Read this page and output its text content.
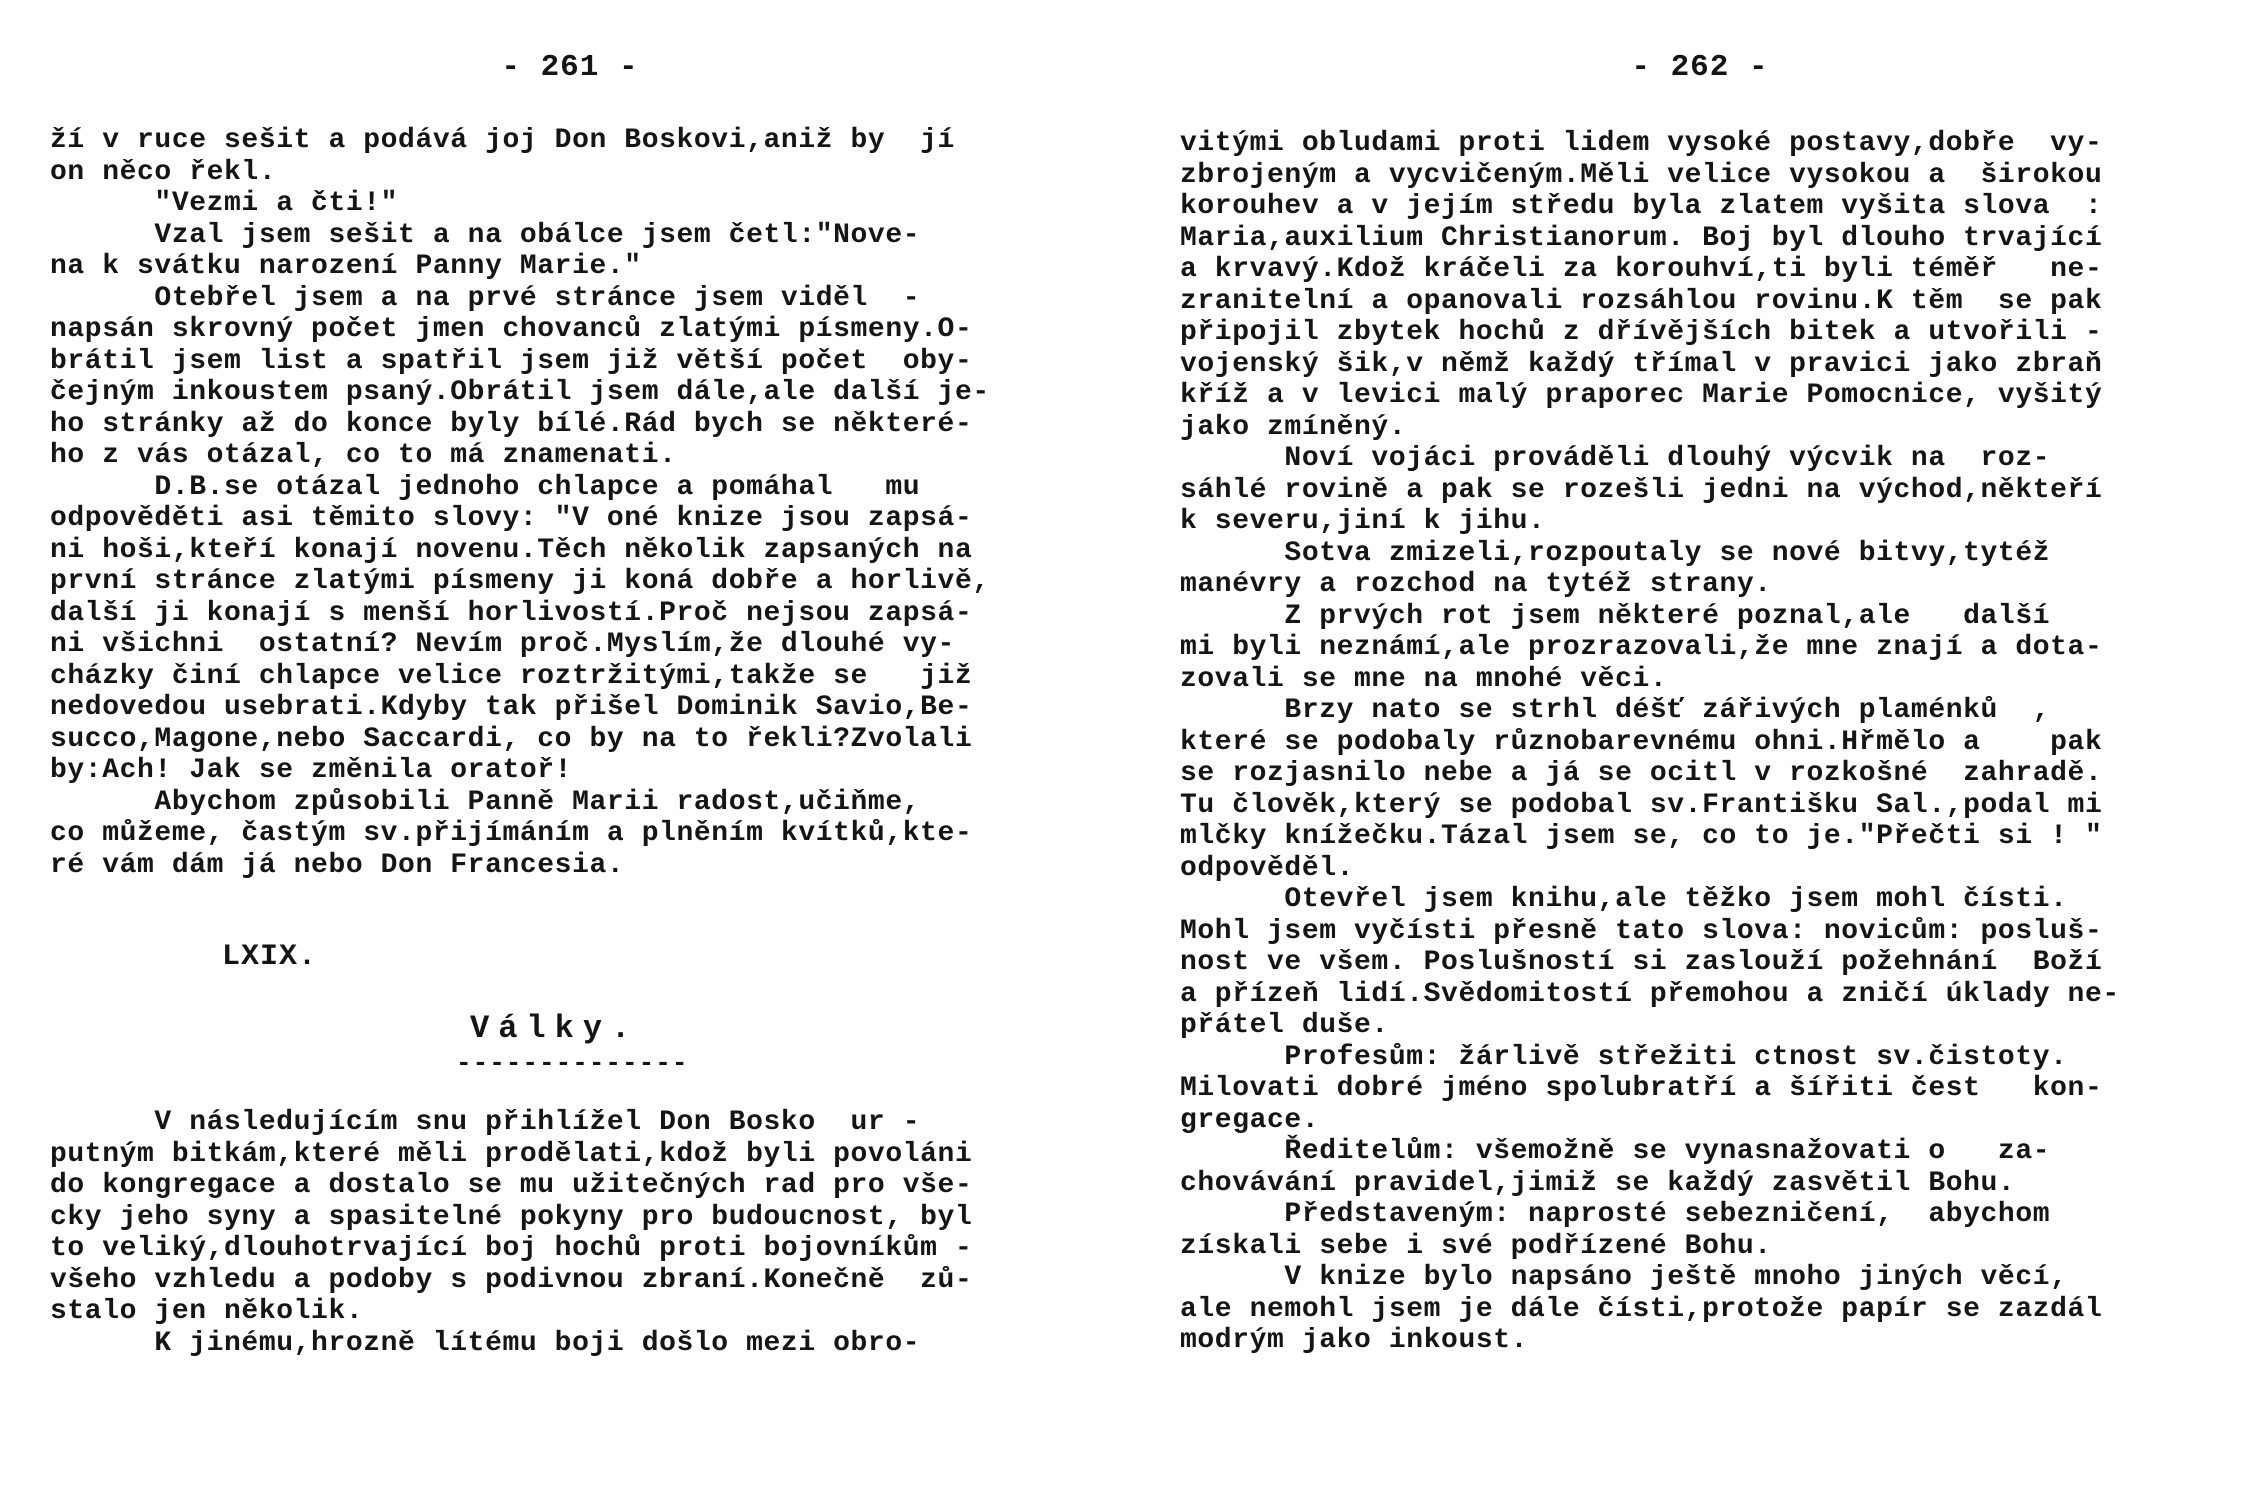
- 261 -
ží v ruce sešit a podává joj Don Boskovi,aniž by  jí
on něco řekl.
"Vezmi a čti!"
Vzal jsem sešit a na obálce jsem četl:"Nove-
na k svátku narození Panny Marie."
Otebřel jsem a na prvé stránce jsem viděl  -
napsán skrovný počet jmen chovanců zlatými písmeny.O-
brátil jsem list a spatřil jsem již větší počet  oby-
čejným inkoustem psaný.Obrátil jsem dále,ale další je-
ho stránky až do konce byly bílé.Rád bych se některé-
ho z vás otázal, co to má znamenati.
D.B.se otázal jednoho chlapce a pomáhal   mu
odpověděti asi těmito slovy: "V oné knize jsou zapsá-
ni hoši,kteří konají novenu.Těch několik zapsaných na
první stránce zlatými písmeny ji koná dobře a horlivě,
další ji konají s menší horlivostí.Proč nejsou zapsá-
ni všichni  ostatní? Nevím proč.Myslím,že dlouhé vy-
cházky činí chlapce velice roztržitými,takže se   již
nedovedou usebrati.Kdyby tak přišel Dominik Savio,Be-
succo,Magone,nebo Saccardi, co by na to řekli?Zvolali
by:Ach! Jak se změnila oratoř!
Abychom způsobili Panně Marii radost,učiňme,
co můžeme, častým sv.přijímáním a plněním kvítků,kte-
ré vám dám já nebo Don Francesia.
LXIX.
Války.
--------------
V následujícím snu přihlížel Don Bosko  ur -
putným bitkám,které měli prodělati,kdož byli povoláni
do kongregace a dostalo se mu užitečných rad pro vše-
cky jeho syny a spasitelné pokyny pro budoucnost, byl
to veliký,dlouhotrvající boj hochů proti bojovníkům -
všeho vzhledu a podoby s podivnou zbraní.Konečně  zů-
stalo jen několik.
K jinému,hrozně lítému boji došlo mezi obro-
- 262 -
vitými obludami proti lidem vysoké postavy,dobře  vy-
zbrojeným a vycvičeným.Měli velice vysokou a  širokou
korouhev a v jejím středu byla zlatem vyšita slova  :
Maria,auxilium Christianorum. Boj byl dlouho trvající
a krvavý.Kdož kráčeli za korouhví,ti byli téměř   ne-
zranitelní a opanovali rozsáhlou rovinu.K těm  se pak
připojil zbytek hochů z dřívějších bitek a utvořili -
vojenský šik,v němž každý třímal v pravici jako zbraň
kříž a v levici malý praporec Marie Pomocnice, vyšitý
jako zmíněný.
Noví vojáci prováděli dlouhý výcvik na  roz-
sáhlé rovině a pak se rozešli jedni na východ,někteří
k severu,jiní k jihu.
Sotva zmizeli,rozpoutaly se nové bitvy,tytéž
manévry a rozchod na tytéž strany.
Z prvých rot jsem některé poznal,ale   další
mi byli neznámí,ale prozrazovali,že mne znají a dota-
zovali se mne na mnohé věci.
Brzy nato se strhl déšť zářivých plaménků  ,
které se podobaly různobarevnému ohni.Hřmělo a    pak
se rozjasnilo nebe a já se ocitl v rozkošné  zahradě.
Tu člověk,který se podobal sv.Františku Sal.,podal mi
mlčky knížečku.Tázal jsem se, co to je."Přečti si ! "
odpověděl.
Otevřel jsem knihu,ale těžko jsem mohl čísti.
Mohl jsem vyčísti přesně tato slova: novicům: posluš-
nost ve všem. Poslušností si zaslouží požehnání  Boží
a přízeň lidí.Svědomitostí přemohou a zničí úklady ne-
přátel duše.
Profesům: žárlivě střežiti ctnost sv.čistoty.
Milovati dobré jméno spolubratří a šířiti čest   kon-
gregace.
Ředitelům: všemožně se vynasnažovati o   za-
chovávání pravidel,jimiž se každý zasvětil Bohu.
Představeným: naprosté sebezničení,  abychom
získali sebe i své podřízené Bohu.
V knize bylo napsáno ještě mnoho jiných věcí,
ale nemohl jsem je dále čísti,protože papír se zazdál
modrým jako inkoust.
